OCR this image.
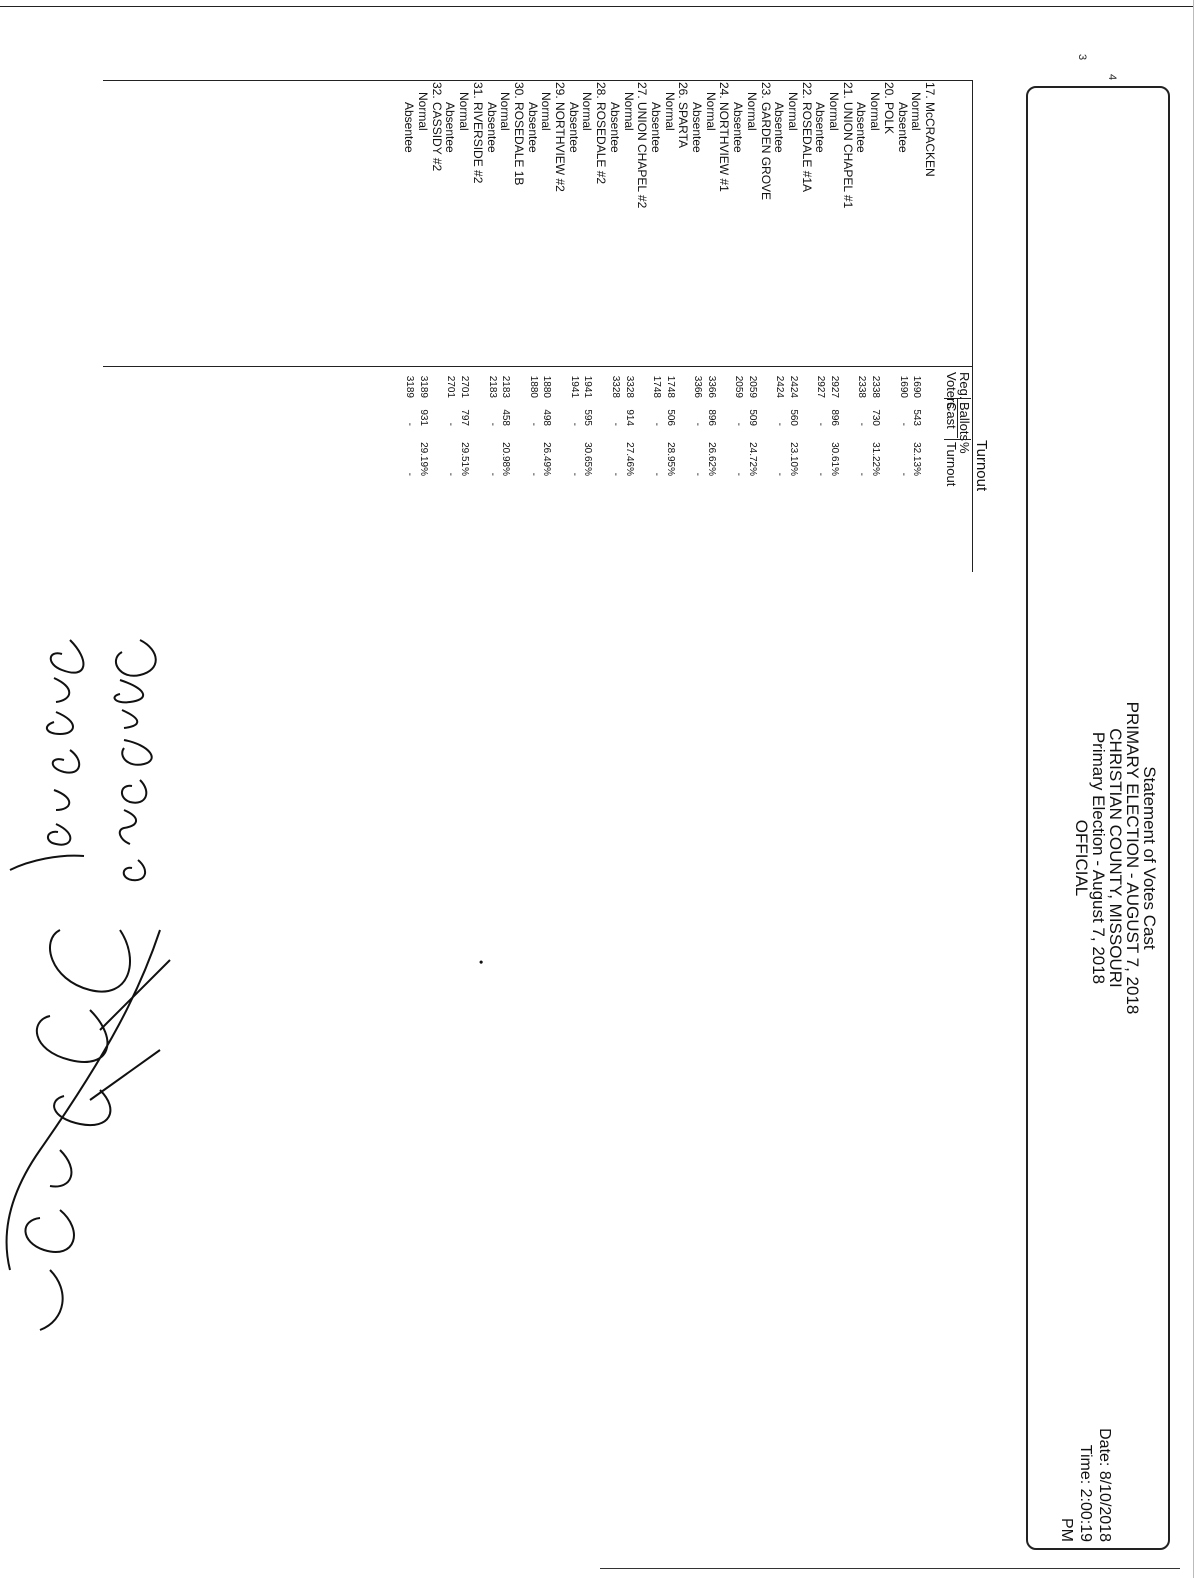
Statement of Votes Cast
PRIMARY ELECTION - AUGUST 7, 2018
CHRISTIAN COUNTY, MISSOURI
Primary Election - August 7, 2018
OFFICIAL
Date: 8/10/2018
Time: 2:00:19 PM
3
4
Turnout
Reg.
Voters
Ballots
Cast
%
Turnout
17. McCRACKEN
Normal
1690
543
32.13%
Absentee
1690
-
-
20. POLK
Normal
2338
730
31.22%
Absentee
2338
-
-
21. UNION CHAPEL #1
Normal
2927
896
30.61%
Absentee
2927
-
-
22. ROSEDALE #1A
Normal
2424
560
23.10%
Absentee
2424
-
-
23. GARDEN GROVE
Normal
2059
509
24.72%
Absentee
2059
-
-
24. NORTHVIEW #1
Normal
3366
896
26.62%
Absentee
3366
-
-
26. SPARTA
Normal
1748
506
28.95%
Absentee
1748
-
-
27. UNION CHAPEL #2
Normal
3328
914
27.46%
Absentee
3328
-
-
28. ROSEDALE #2
Normal
1941
595
30.65%
Absentee
1941
-
-
29. NORTHVIEW #2
Normal
1880
498
26.49%
Absentee
1880
-
-
30. ROSEDALE 1B
Normal
2183
458
20.98%
Absentee
2183
-
-
31. RIVERSIDE #2
Normal
2701
797
29.51%
Absentee
2701
-
-
32. CASSIDY #2
Normal
3189
931
29.19%
Absentee
3189
-
-
•
